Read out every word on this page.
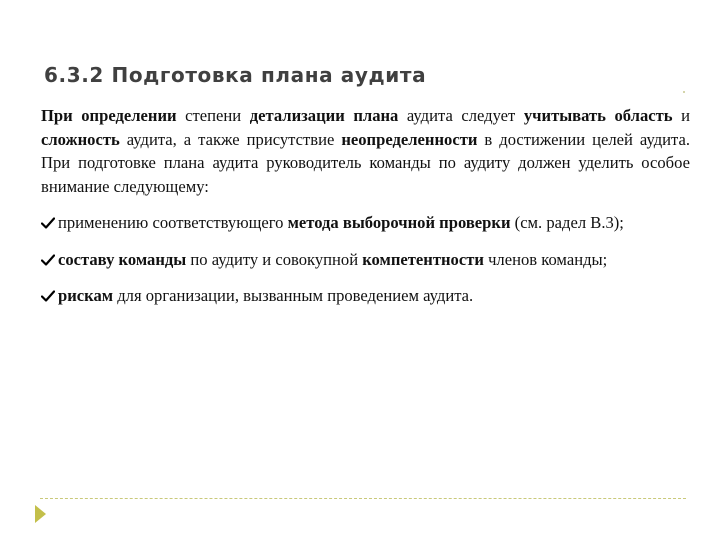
6.3.2 Подготовка плана аудита

При определении степени детализации плана аудита следует учитывать область и сложность аудита, а также присутствие неопределенности в достижении целей аудита. При подготовке плана аудита руководитель команды по аудиту должен уделить особое внимание следующему:

применению соответствующего метода выборочной проверки (см. радел В.3);

составу команды по аудиту и совокупной компетентности членов команды;

рискам для организации, вызванным проведением аудита.
